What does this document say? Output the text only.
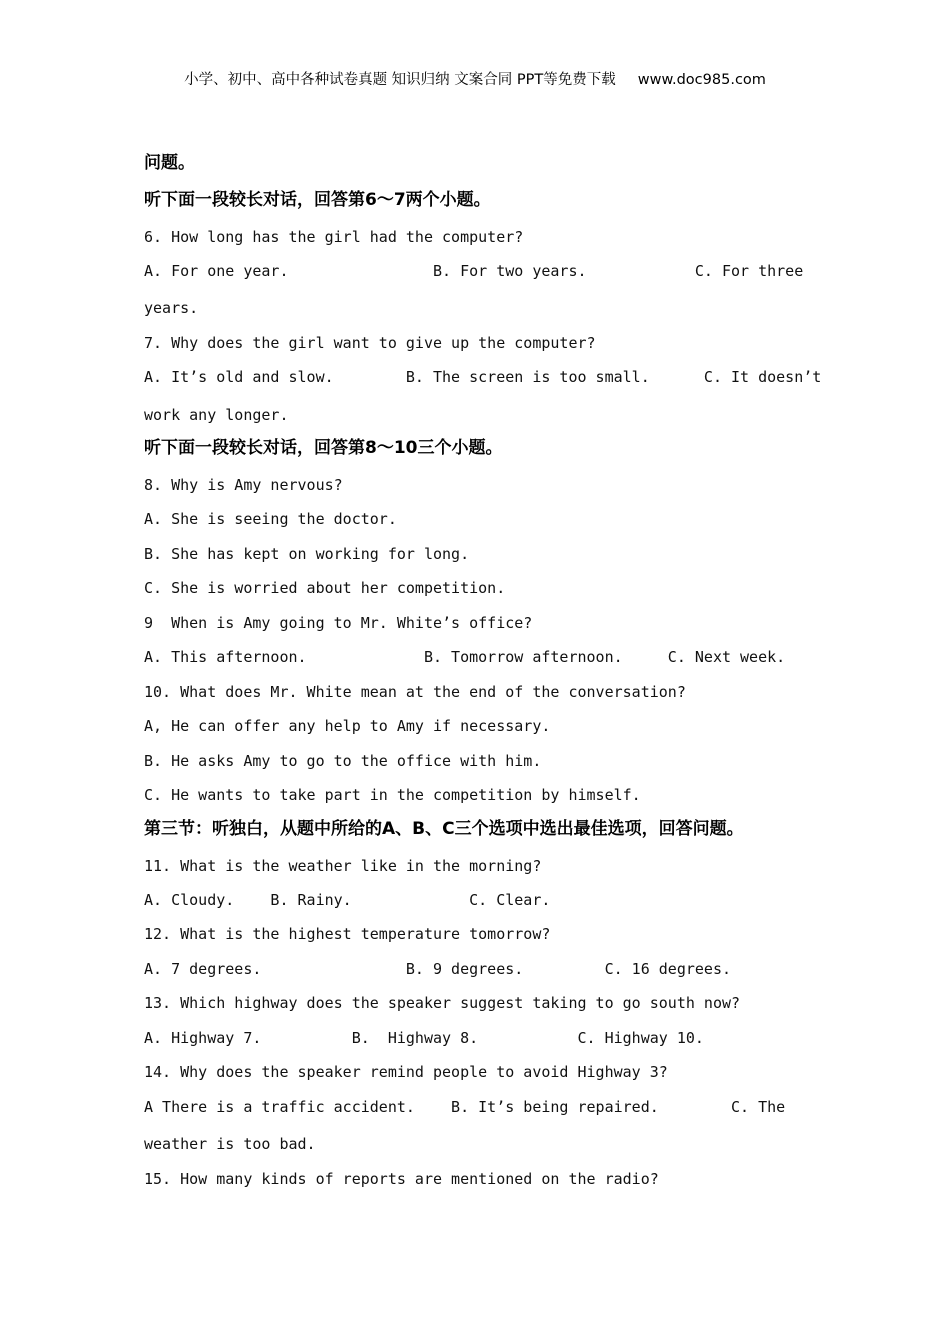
小学、初中、高中各种试卷真题 知识归纳 文案合同 PPT等免费下载 www.doc985.com
问题。
听下面一段较长对话，回答第6～7两个小题。
6. How long has the girl had the computer?
A. For one year.                B. For two years.            C. For three
years.
7. Why does the girl want to give up the computer?
A. It’s old and slow.        B. The screen is too small.      C. It doesn’t
work any longer.
听下面一段较长对话，回答第8～10三个小题。
8. Why is Amy nervous?
A. She is seeing the doctor.
B. She has kept on working for long.
C. She is worried about her competition.
9  When is Amy going to Mr. White’s office?
A. This afternoon.             B. Tomorrow afternoon.     C. Next week.
10. What does Mr. White mean at the end of the conversation?
A, He can offer any help to Amy if necessary.
B. He asks Amy to go to the office with him.
C. He wants to take part in the competition by himself.
第三节：听独白，从题中所给的A、B、C三个选项中选出最佳选项，回答问题。
11. What is the weather like in the morning?
A. Cloudy.    B. Rainy.             C. Clear.
12. What is the highest temperature tomorrow?
A. 7 degrees.                B. 9 degrees.         C. 16 degrees.
13. Which highway does the speaker suggest taking to go south now?
A. Highway 7.          B.  Highway 8.           C. Highway 10.
14. Why does the speaker remind people to avoid Highway 3?
A There is a traffic accident.    B. It’s being repaired.        C. The
weather is too bad.
15. How many kinds of reports are mentioned on the radio?
